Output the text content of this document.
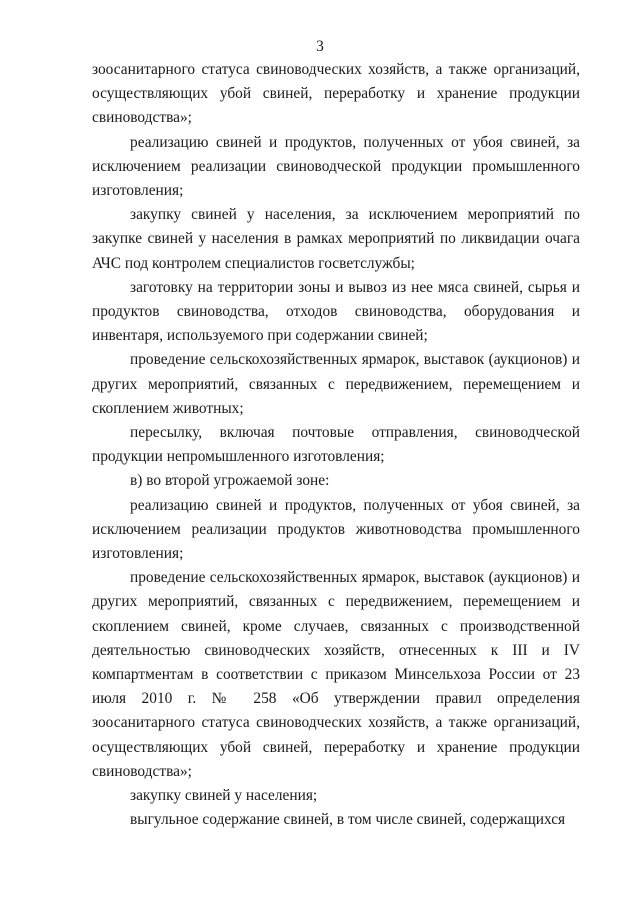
3

зоосанитарного статуса свиноводческих хозяйств, а также организаций, осуществляющих убой свиней, переработку и хранение продукции свиноводства»;

реализацию свиней и продуктов, полученных от убоя свиней, за исключением реализации свиноводческой продукции промышленного изготовления;

закупку свиней у населения, за исключением мероприятий по закупке свиней у населения в рамках мероприятий по ликвидации очага АЧС под контролем специалистов госветслужбы;

заготовку на территории зоны и вывоз из нее мяса свиней, сырья и продуктов свиноводства, отходов свиноводства, оборудования и инвентаря, используемого при содержании свиней;

проведение сельскохозяйственных ярмарок, выставок (аукционов) и других мероприятий, связанных с передвижением, перемещением и скоплением животных;

пересылку, включая почтовые отправления, свиноводческой продукции непромышленного изготовления;

в) во второй угрожаемой зоне:

реализацию свиней и продуктов, полученных от убоя свиней, за исключением реализации продуктов животноводства промышленного изготовления;

проведение сельскохозяйственных ярмарок, выставок (аукционов) и других мероприятий, связанных с передвижением, перемещением и скоплением свиней, кроме случаев, связанных с производственной деятельностью свиноводческих хозяйств, отнесенных к III и IV компартментам в соответствии с приказом Минсельхоза России от 23 июля 2010 г. № 258 «Об утверждении правил определения зоосанитарного статуса свиноводческих хозяйств, а также организаций, осуществляющих убой свиней, переработку и хранение продукции свиноводства»;

закупку свиней у населения;

выгульное содержание свиней, в том числе свиней, содержащихся
